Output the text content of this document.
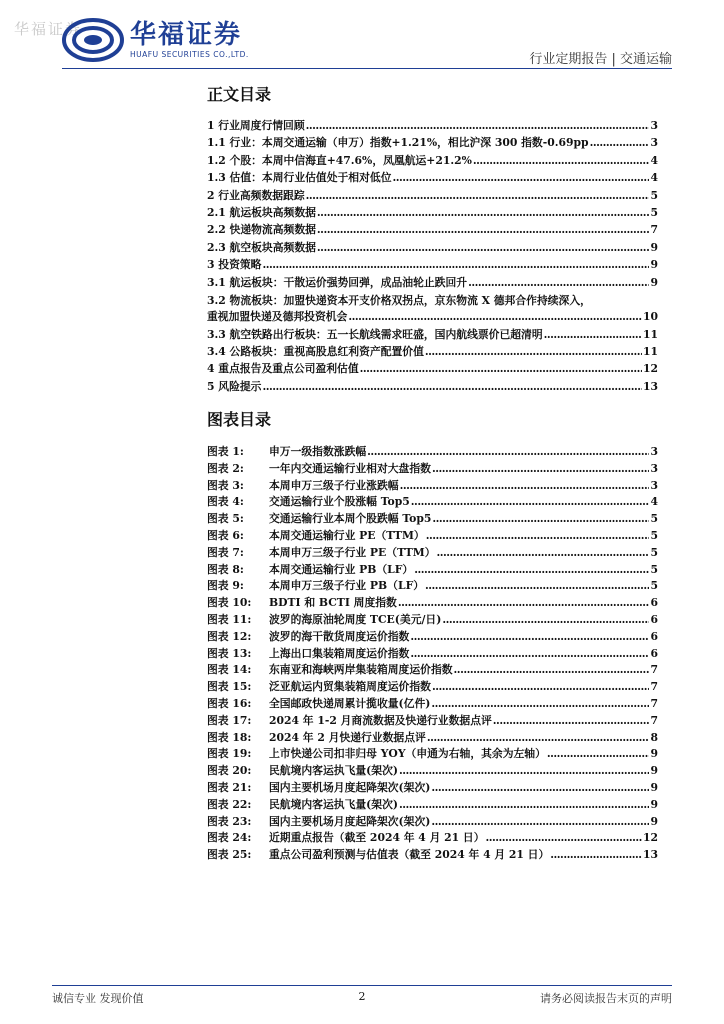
华福证券 华福证券
HUAFU SECURITIES CO.,LTD.	行业定期报告 | 交通运输
正文目录
1 行业周度行情回顾 .....	3
1.1 行业：本周交通运输（申万）指数+1.21%，相比沪深 300 指数-0.69pp .....	3
1.2 个股：本周中信海直+47.6%，凤凰航运+21.2% .....	4
1.3 估值：本周行业估值处于相对低位 .....	4
2 行业高频数据跟踪 .....	5
2.1 航运板块高频数据 .....	5
2.2 快递物流高频数据 .....	7
2.3 航空板块高频数据 .....	9
3 投资策略 .....	9
3.1 航运板块：干散运价强势回弹，成品油轮止跌回升 .....	9
3.2 物流板块：加盟快递资本开支价格双拐点，京东物流 X 德邦合作持续深入，
重视加盟快递及德邦投资机会 .....	10
3.3 航空铁路出行板块：五一长航线需求旺盛，国内航线票价已超清明 .....	11
3.4 公路板块：重视高股息红利资产配置价值 .....	11
4 重点报告及重点公司盈利估值 .....	12
5 风险提示 .....	13
图表目录
图表 1:	申万一级指数涨跌幅 .....	3
图表 2:	一年内交通运输行业相对大盘指数 .....	3
图表 3:	本周申万三级子行业涨跌幅 .....	3
图表 4:	交通运输行业个股涨幅 Top5 .....	4
图表 5:	交通运输行业本周个股跌幅 Top5 .....	5
图表 6:	本周交通运输行业 PE（TTM） .....	5
图表 7:	本周申万三级子行业 PE（TTM） .....	5
图表 8:	本周交通运输行业 PB（LF） .....	5
图表 9:	本周申万三级子行业 PB（LF） .....	5
图表 10:	BDTI 和 BCTI 周度指数 .....	6
图表 11:	波罗的海原油轮周度 TCE(美元/日) .....	6
图表 12:	波罗的海干散货周度运价指数 .....	6
图表 13:	上海出口集装箱周度运价指数 .....	6
图表 14:	东南亚和海峡两岸集装箱周度运价指数 .....	7
图表 15:	泛亚航运内贸集装箱周度运价指数 .....	7
图表 16:	全国邮政快递周累计揽收量(亿件) .....	7
图表 17:	2024 年 1-2 月商流数据及快递行业数据点评 .....	7
图表 18:	2024 年 2 月快递行业数据点评 .....	8
图表 19:	上市快递公司扣非归母 YOY（申通为右轴，其余为左轴） .....	9
图表 20:	民航境内客运执飞量(架次) .....	9
图表 21:	国内主要机场月度起降架次(架次) .....	9
图表 22:	民航境内客运执飞量(架次) .....	9
图表 23:	国内主要机场月度起降架次(架次) .....	9
图表 24:	近期重点报告（截至 2024 年 4 月 21 日） .....	12
图表 25:	重点公司盈利预测与估值表（截至 2024 年 4 月 21 日） .....	13
诚信专业 发现价值	2	请务必阅读报告末页的声明
